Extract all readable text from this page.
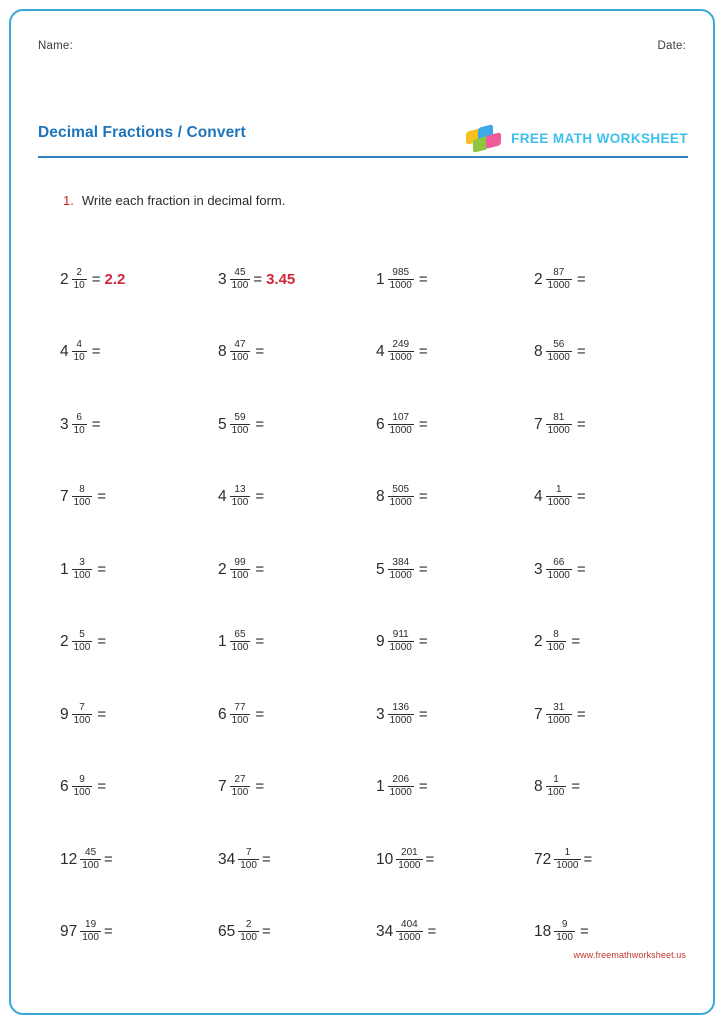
Name:	Date:
Decimal Fractions / Convert	FREE MATH WORKSHEET
1. Write each fraction in decimal form.
$2 \frac{2}{10} = 2.2$	$3 \frac{45}{100} = 3.45$	$1 \frac{985}{1000}$ =	$2 \frac{87}{1000}$ =
$4 \frac{4}{10}$ =	$8 \frac{47}{100}$ =	$4 \frac{249}{1000}$ =	$8 \frac{56}{1000}$ =
$3 \frac{6}{10}$ =	$5 \frac{59}{100}$ =	$6 \frac{107}{1000}$ =	$7 \frac{81}{1000}$ =
$7 \frac{8}{100}$ =	$4 \frac{13}{100}$ =	$8 \frac{505}{1000}$ =	$4 \frac{1}{1000}$ =
$1 \frac{3}{100}$ =	$2 \frac{99}{100}$ =	$5 \frac{384}{1000}$ =	$3 \frac{66}{1000}$ =
$2 \frac{5}{100}$ =	$1 \frac{65}{100}$ =	$9 \frac{911}{1000}$ =	$2 \frac{8}{100}$ =
$9 \frac{7}{100}$ =	$6 \frac{77}{100}$ =	$3 \frac{136}{1000}$ =	$7 \frac{31}{1000}$ =
$6 \frac{9}{100}$ =	$7 \frac{27}{100}$ =	$1 \frac{206}{1000}$ =	$8 \frac{1}{100}$ =
$12 \frac{45}{100}$ =	$34 \frac{7}{100}$ =	$10 \frac{201}{1000}$ =	$72 \frac{1}{1000}$ =
$97 \frac{19}{100}$ =	$65 \frac{2}{100}$ =	$34 \frac{404}{1000}$ =	$18 \frac{9}{100}$ =
www.freemathworksheet.us
